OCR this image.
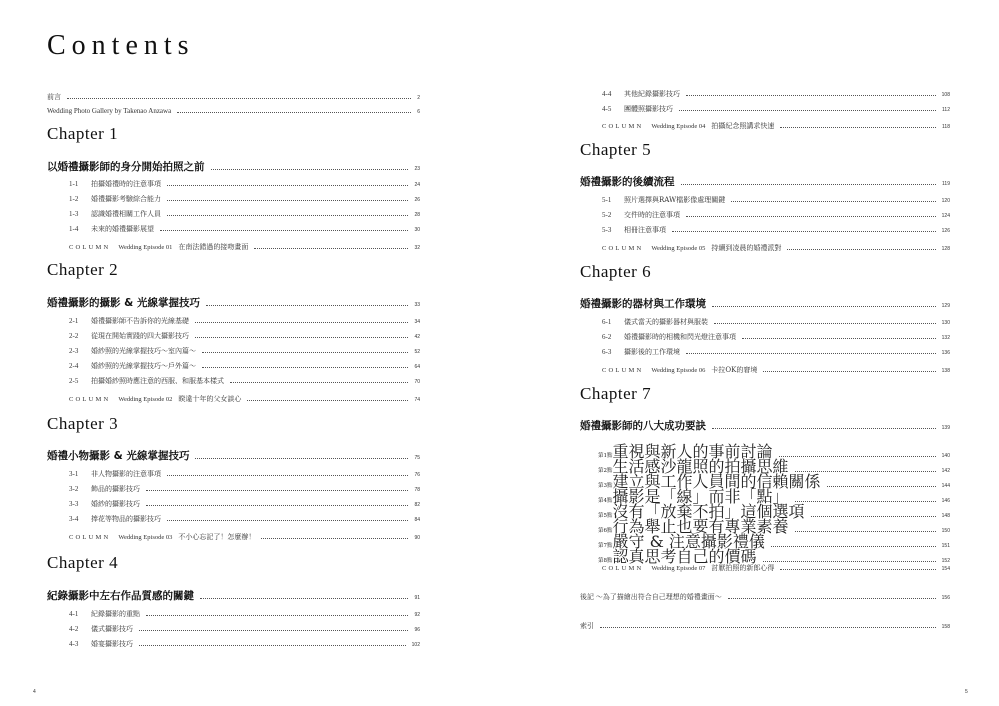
Contents
前言	2
Wedding Photo Gallery by Takenao Anzawa	6
Chapter 1
以婚禮攝影師的身分開始拍照之前	23
1-1 拍攝婚禮時的注意事項	24
1-2 婚禮攝影考驗綜合能力	26
1-3 認識婚禮相關工作人員	28
1-4 未來的婚禮攝影展望	30
COLUMN Wedding Episode 01 在南法錯過的接吻畫面	32
Chapter 2
婚禮攝影的攝影 & 光線掌握技巧	33
2-1 婚禮攝影師不告訴你的光線基礎	34
2-2 從現在開始實踐的四大攝影技巧	42
2-3 婚紗照的光線掌握技巧～室內篇～	52
2-4 婚紗照的光線掌握技巧～戶外篇～	64
2-5 拍攝婚紗照時應注意的西服、和服基本樣式	70
COLUMN Wedding Episode 02 睽違十年的父女談心	74
Chapter 3
婚禮小物攝影 & 光線掌握技巧	75
3-1 非人物攝影的注意事項	76
3-2 飾品的攝影技巧	78
3-3 婚紗的攝影技巧	82
3-4 捧花等物品的攝影技巧	84
COLUMN Wedding Episode 03 不小心忘記了！怎麼辦！	90
Chapter 4
紀錄攝影中左右作品質感的關鍵	91
4-1 紀錄攝影的重點	92
4-2 儀式攝影技巧	96
4-3 婚宴攝影技巧	102
4-4 其他紀錄攝影技巧	108
4-5 團體照攝影技巧	112
COLUMN Wedding Episode 04 拍攝紀念照講求快速	118
Chapter 5
婚禮攝影的後續流程	119
5-1 照片選擇與RAW檔影像處理關鍵	120
5-2 交件時的注意事項	124
5-3 相冊注意事項	126
COLUMN Wedding Episode 05 持續到凌晨的婚禮派對	128
Chapter 6
婚禮攝影的器材與工作環境	129
6-1 儀式當天的攝影器材與服裝	130
6-2 婚禮攝影時的相機和閃光燈注意事項	132
6-3 攝影後的工作環境	136
COLUMN Wedding Episode 06 卡拉OK的窘境	138
Chapter 7
婚禮攝影師的八大成功要訣	139
第1點重視與新人的事前討論	140
第2點生活感沙龍照的拍攝思維	142
第3點建立與工作人員間的信賴關係	144
第4點攝影是「線」而非「點」	146
第5點沒有「放棄不拍」這個選項	148
第6點行為舉止也要有專業素養	150
第7點嚴守 & 注意攝影禮儀	151
第8點認真思考自己的價碼	152
COLUMN Wedding Episode 07 討厭拍照的新郎心得	154
後記 ～為了描繪出符合自己理想的婚禮畫面～	156
索引	158
4	5
